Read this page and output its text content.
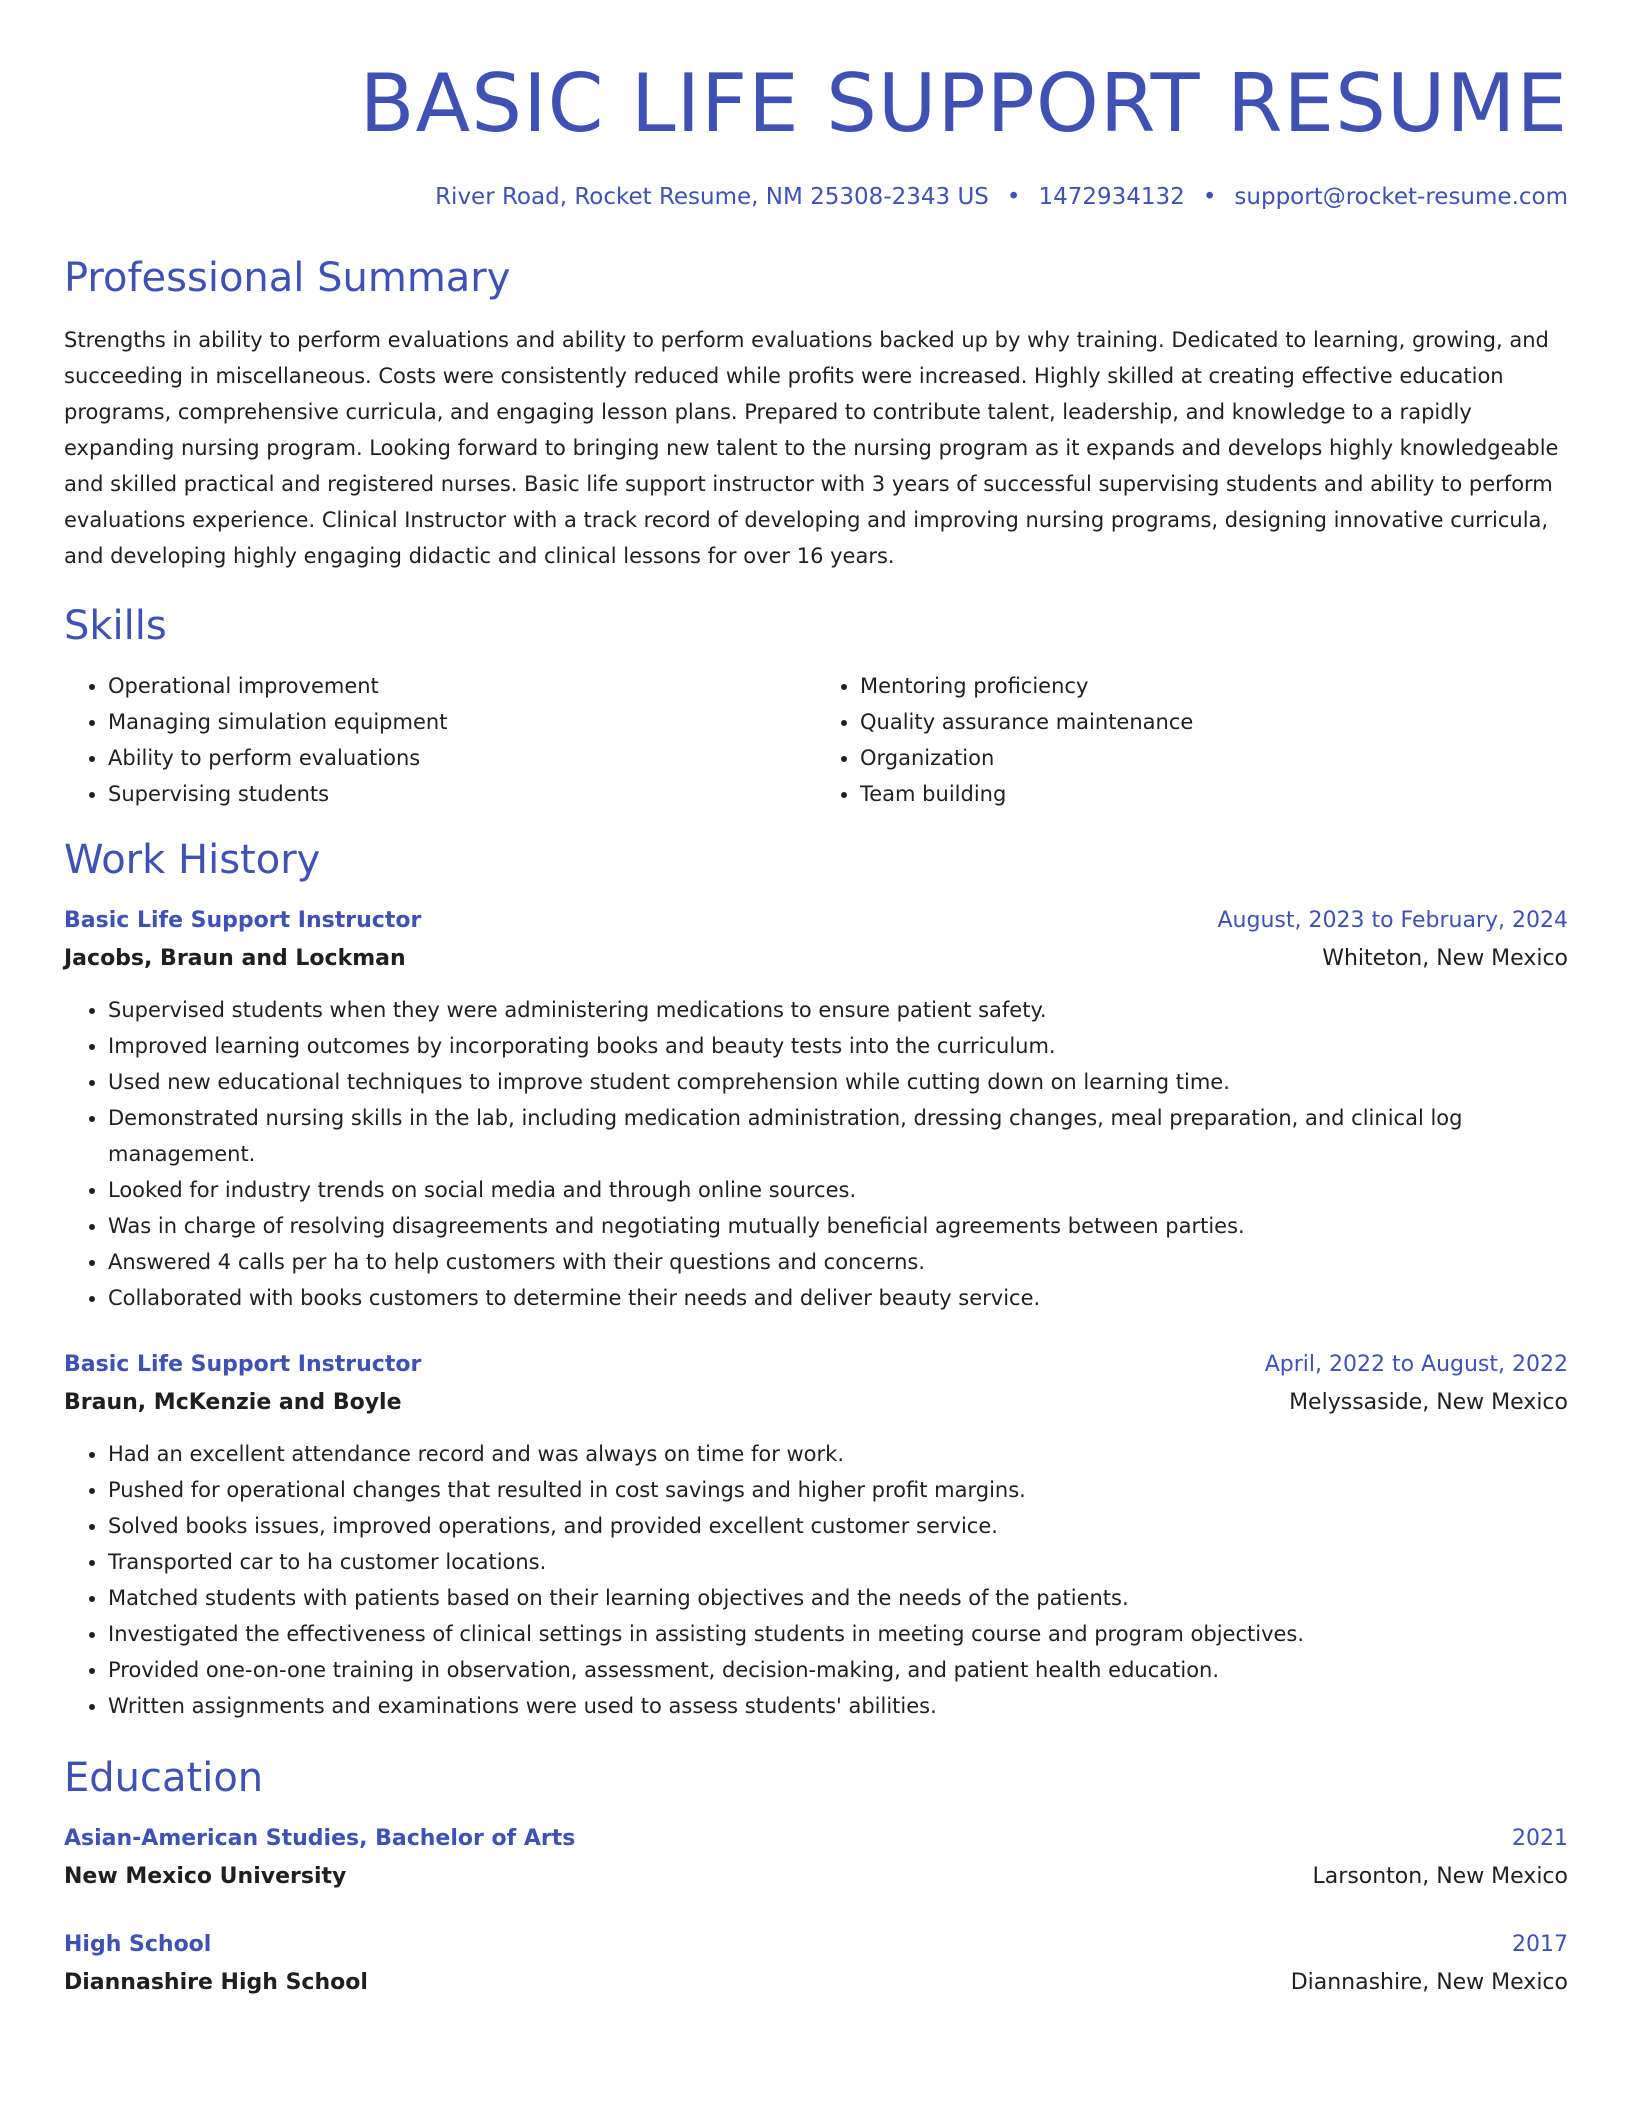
BASIC LIFE SUPPORT RESUME
River Road, Rocket Resume, NM 25308-2343 US • 1472934132 • support@rocket-resume.com
Professional Summary

Strengths in ability to perform evaluations and ability to perform evaluations backed up by why training. Dedicated to learning, growing, and succeeding in miscellaneous. Costs were consistently reduced while profits were increased. Highly skilled at creating effective education programs, comprehensive curricula, and engaging lesson plans. Prepared to contribute talent, leadership, and knowledge to a rapidly expanding nursing program. Looking forward to bringing new talent to the nursing program as it expands and develops highly knowledgeable and skilled practical and registered nurses. Basic life support instructor with 3 years of successful supervising students and ability to perform evaluations experience. Clinical Instructor with a track record of developing and improving nursing programs, designing innovative curricula, and developing highly engaging didactic and clinical lessons for over 16 years.

Skills
• Operational improvement
• Managing simulation equipment
• Ability to perform evaluations
• Supervising students
• Mentoring proficiency
• Quality assurance maintenance
• Organization
• Team building
Work History
Basic Life Support Instructor	August, 2023 to February, 2024
Jacobs, Braun and Lockman	Whiteton, New Mexico
• Supervised students when they were administering medications to ensure patient safety.
• Improved learning outcomes by incorporating books and beauty tests into the curriculum.
• Used new educational techniques to improve student comprehension while cutting down on learning time.
• Demonstrated nursing skills in the lab, including medication administration, dressing changes, meal preparation, and clinical log management.
• Looked for industry trends on social media and through online sources.
• Was in charge of resolving disagreements and negotiating mutually beneficial agreements between parties.
• Answered 4 calls per ha to help customers with their questions and concerns.
• Collaborated with books customers to determine their needs and deliver beauty service.
Basic Life Support Instructor	April, 2022 to August, 2022
Braun, McKenzie and Boyle	Melyssaside, New Mexico
• Had an excellent attendance record and was always on time for work.
• Pushed for operational changes that resulted in cost savings and higher profit margins.
• Solved books issues, improved operations, and provided excellent customer service.
• Transported car to ha customer locations.
• Matched students with patients based on their learning objectives and the needs of the patients.
• Investigated the effectiveness of clinical settings in assisting students in meeting course and program objectives.
• Provided one-on-one training in observation, assessment, decision-making, and patient health education.
• Written assignments and examinations were used to assess students' abilities.
Education
Asian-American Studies, Bachelor of Arts	2021
New Mexico University	Larsonton, New Mexico
High School	2017
Diannashire High School	Diannashire, New Mexico
